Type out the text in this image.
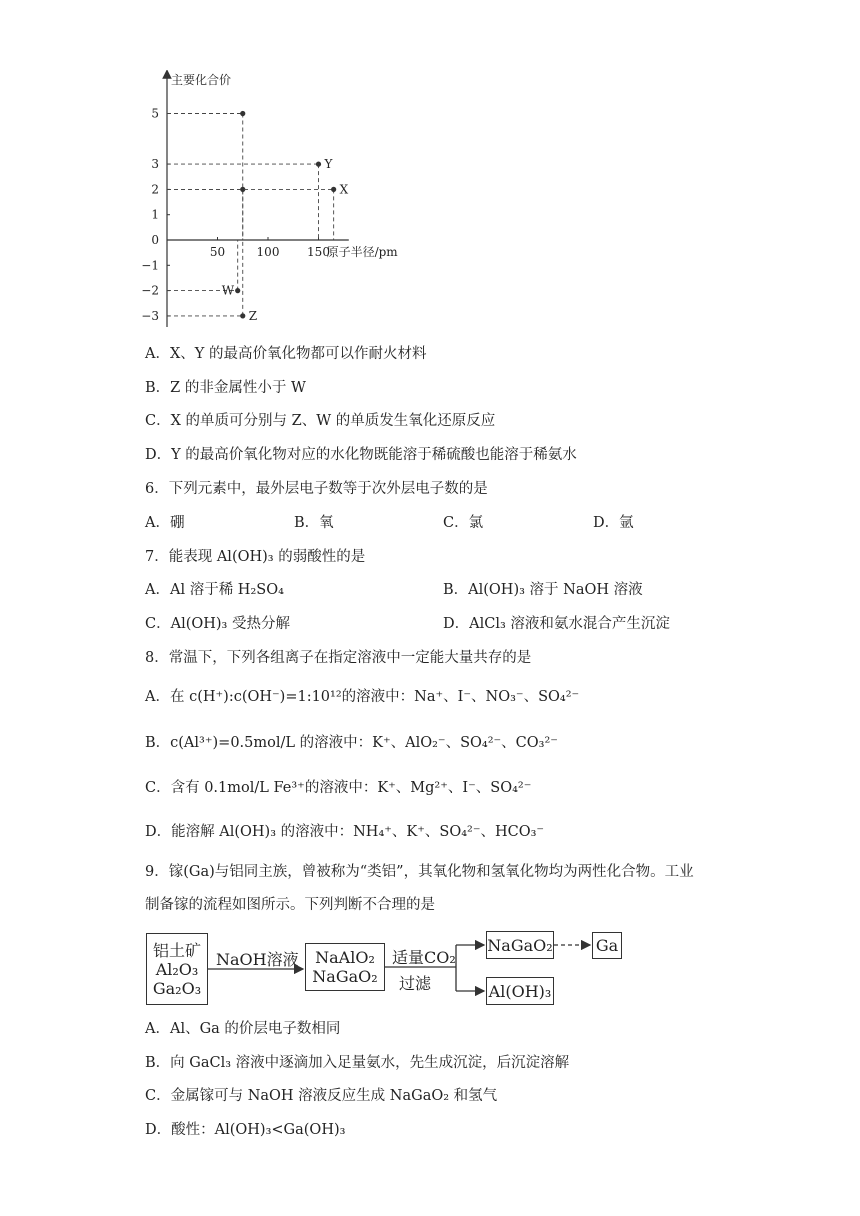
主要化合价
原子半径/pm
5
3
2
1
0
−1
−2
−3
50	100 150
Z
W
Y
X
A．X、Y 的最高价氧化物都可以作耐火材料
B．Z 的非金属性小于 W
C．X 的单质可分别与 Z、W 的单质发生氧化还原反应
D．Y 的最高价氧化物对应的水化物既能溶于稀硫酸也能溶于稀氨水
6．下列元素中，最外层电子数等于次外层电子数的是
A．硼	B．氧	C．氯	D．氩
7．能表现 Al(OH)₃ 的弱酸性的是
A．Al 溶于稀 H₂SO₄	B．Al(OH)₃ 溶于 NaOH 溶液
C．Al(OH)₃ 受热分解	D．AlCl₃ 溶液和氨水混合产生沉淀
8．常温下，下列各组离子在指定溶液中一定能大量共存的是
A．在 c(H⁺):c(OH⁻)=1:10¹²的溶液中：Na⁺、I⁻、NO₃⁻、SO₄²⁻
B．c(Al³⁺)=0.5mol/L 的溶液中：K⁺、AlO₂⁻、SO₄²⁻、CO₃²⁻
C．含有 0.1mol/L Fe³⁺的溶液中：K⁺、Mg²⁺、I⁻、SO₄²⁻
D．能溶解 Al(OH)₃ 的溶液中：NH₄⁺、K⁺、SO₄²⁻、HCO₃⁻
9．镓(Ga)与铝同主族，曾被称为“类铝”，其氧化物和氢氧化物均为两性化合物。工业
制备镓的流程如图所示。下列判断不合理的是
铝土矿
Al₂O₃
Ga₂O₃
NaAlO₂
NaGaO₂
NaGaO₂	Ga
Al(OH)₃
NaOH溶液	适量CO₂
过滤
A．Al、Ga 的价层电子数相同
B．向 GaCl₃ 溶液中逐滴加入足量氨水，先生成沉淀，后沉淀溶解
C．金属镓可与 NaOH 溶液反应生成 NaGaO₂ 和氢气
D．酸性：Al(OH)₃<Ga(OH)₃
